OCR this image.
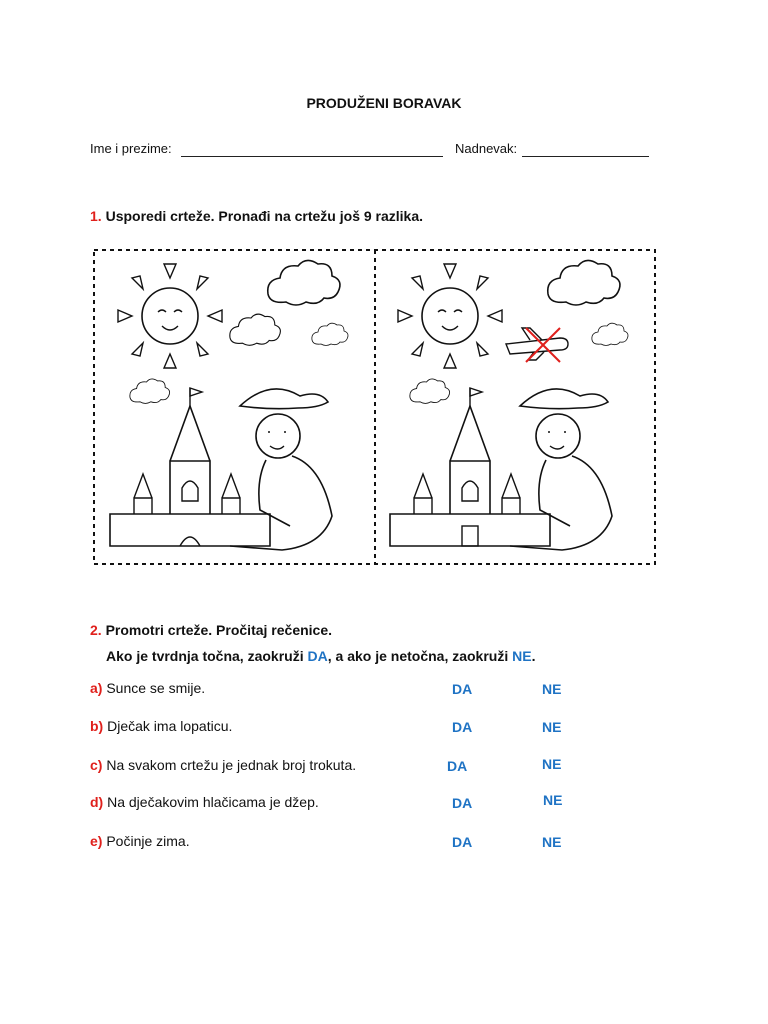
PRODUŽENI BORAVAK
Ime i prezime:	Nadnevak:
1. Usporedi crteže. Pronađi na crtežu još 9 razlika.
2. Promotri crteže. Pročitaj rečenice.
Ako je tvrdnja točna, zaokruži DA, a ako je netočna, zaokruži NE.
a) Sunce se smije.	DA	NE
b) Dječak ima lopaticu.	DA	NE
c) Na svakom crtežu je jednak broj trokuta.	DA	NE
d) Na dječakovim hlačicama je džep.	DA	NE
e) Počinje zima.	DA	NE
